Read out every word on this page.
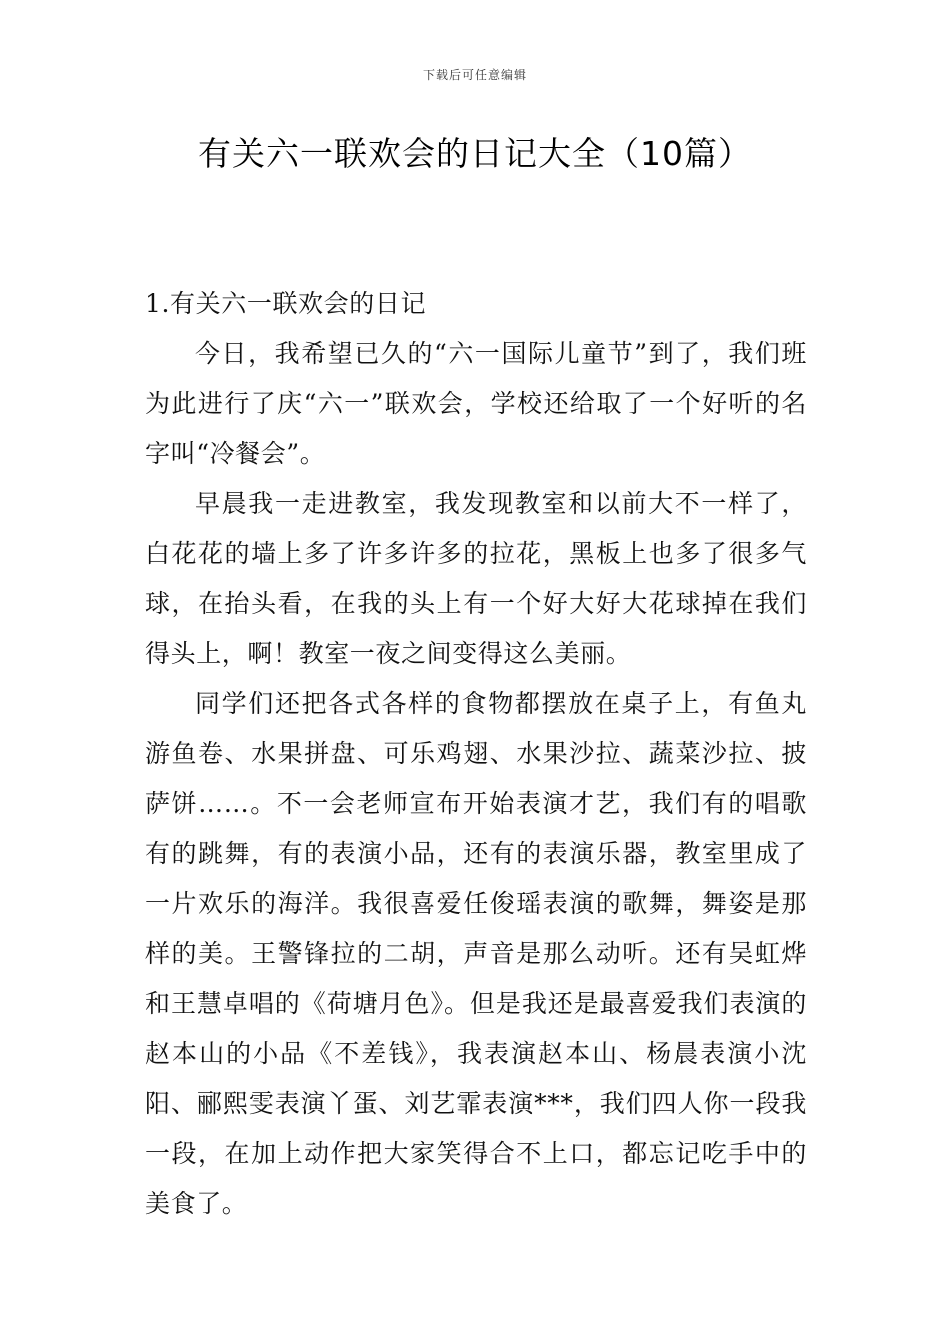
下载后可任意编辑
有关六一联欢会的日记大全（10篇）
1.有关六一联欢会的日记

今日，我希望已久的“六一国际儿童节”到了，我们班为此进行了庆“六一”联欢会，学校还给取了一个好听的名字叫“冷餐会”。

早晨我一走进教室，我发现教室和以前大不一样了，白花花的墙上多了许多许多的拉花，黑板上也多了很多气球，在抬头看，在我的头上有一个好大好大花球掉在我们得头上，啊！教室一夜之间变得这么美丽。

同学们还把各式各样的食物都摆放在桌子上，有鱼丸游鱼卷、水果拼盘、可乐鸡翅、水果沙拉、蔬菜沙拉、披萨饼……。不一会老师宣布开始表演才艺，我们有的唱歌有的跳舞，有的表演小品，还有的表演乐器，教室里成了一片欢乐的海洋。我很喜爱任俊瑶表演的歌舞，舞姿是那样的美。王警锋拉的二胡，声音是那么动听。还有吴虹烨和王慧卓唱的《荷塘月色》。但是我还是最喜爱我们表演的赵本山的小品《不差钱》，我表演赵本山、杨晨表演小沈阳、郦熙雯表演丫蛋、刘艺霏表演***，我们四人你一段我一段，在加上动作把大家笑得合不上口，都忘记吃手中的美食了。
